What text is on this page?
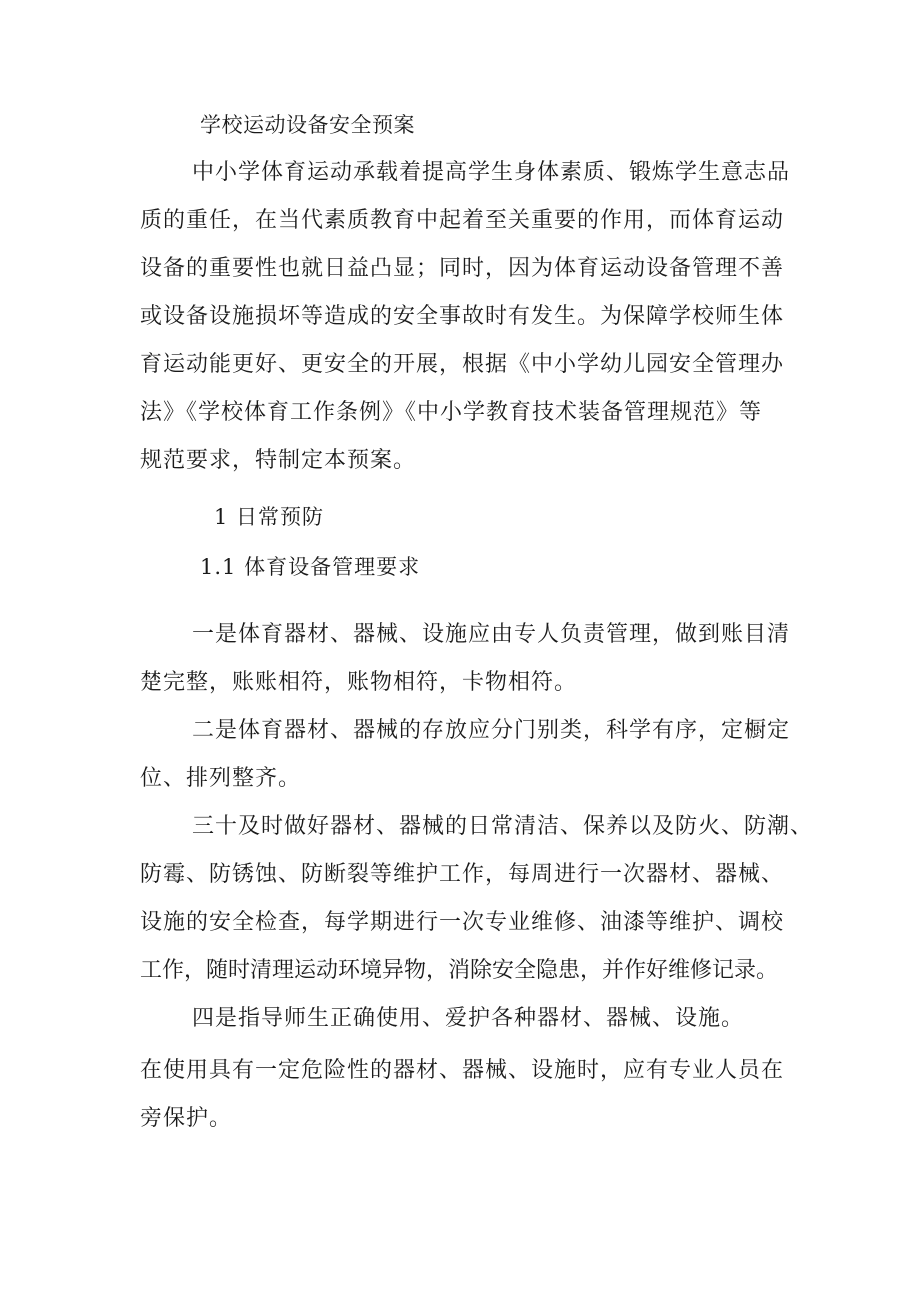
学校运动设备安全预案
中小学体育运动承载着提高学生身体素质、锻炼学生意志品
质的重任，在当代素质教育中起着至关重要的作用，而体育运动
设备的重要性也就日益凸显；同时，因为体育运动设备管理不善
或设备设施损坏等造成的安全事故时有发生。为保障学校师生体
育运动能更好、更安全的开展，根据《中小学幼儿园安全管理办
法》《学校体育工作条例》《中小学教育技术装备管理规范》等
规范要求，特制定本预案。
1 日常预防
1.1 体育设备管理要求
一是体育器材、器械、设施应由专人负责管理，做到账目清
楚完整，账账相符，账物相符，卡物相符。
二是体育器材、器械的存放应分门别类，科学有序，定橱定
位、排列整齐。
三十及时做好器材、器械的日常清洁、保养以及防火、防潮、
防霉、防锈蚀、防断裂等维护工作，每周进行一次器材、器械、
设施的安全检查，每学期进行一次专业维修、油漆等维护、调校
工作，随时清理运动环境异物，消除安全隐患，并作好维修记录。
四是指导师生正确使用、爱护各种器材、器械、设施。
在使用具有一定危险性的器材、器械、设施时，应有专业人员在
旁保护。
